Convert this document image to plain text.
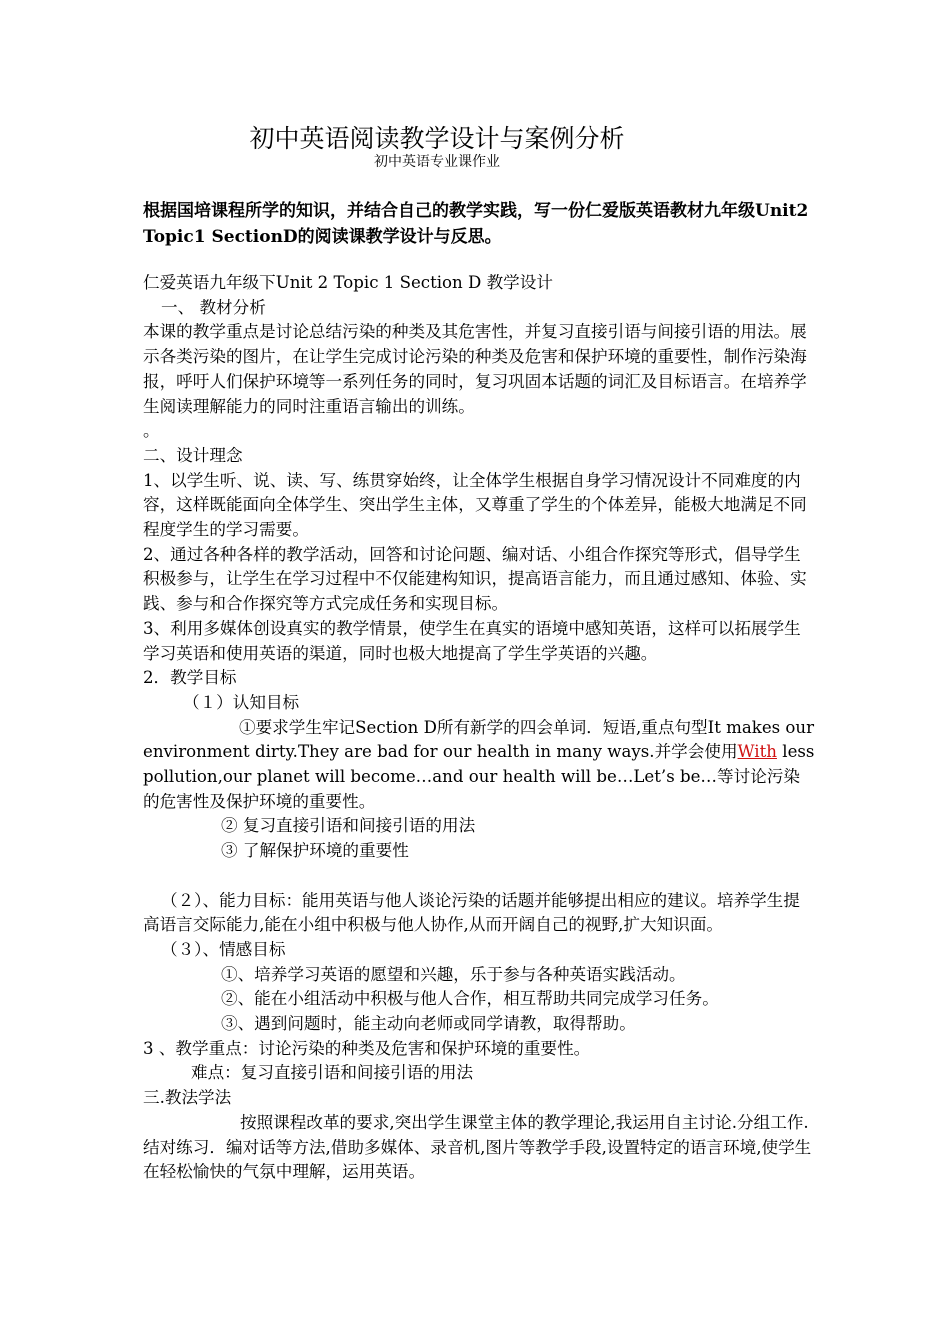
初中英语阅读教学设计与案例分析
初中英语专业课作业
根据国培课程所学的知识，并结合自己的教学实践，写一份仁爱版英语教材九年级Unit2 Topic1 SectionD的阅读课教学设计与反思。

仁爱英语九年级下Unit 2 Topic 1 Section D 教学设计

一、 教材分析

本课的教学重点是讨论总结污染的种类及其危害性，并复习直接引语与间接引语的用法。展示各类污染的图片，在让学生完成讨论污染的种类及危害和保护环境的重要性，制作污染海报，呼吁人们保护环境等一系列任务的同时，复习巩固本话题的词汇及目标语言。在培养学生阅读理解能力的同时注重语言输出的训练。

。

二、设计理念

1、以学生听、说、读、写、练贯穿始终，让全体学生根据自身学习情况设计不同难度的内容，这样既能面向全体学生、突出学生主体，又尊重了学生的个体差异，能极大地满足不同程度学生的学习需要。

2、通过各种各样的教学活动，回答和讨论问题、编对话、小组合作探究等形式，倡导学生积极参与，让学生在学习过程中不仅能建构知识，提高语言能力，而且通过感知、体验、实践、参与和合作探究等方式完成任务和实现目标。

3、利用多媒体创设真实的教学情景，使学生在真实的语境中感知英语，这样可以拓展学生学习英语和使用英语的渠道，同时也极大地提高了学生学英语的兴趣。

2．教学目标

（１）认知目标

①要求学生牢记Section D所有新学的四会单词．短语,重点句型It makes our environment dirty.They are bad for our health in many ways.并学会使用With less pollution,our planet will become…and our health will be…Let’s be…等讨论污染的危害性及保护环境的重要性。

② 复习直接引语和间接引语的用法

③ 了解保护环境的重要性

（２）、能力目标：能用英语与他人谈论污染的话题并能够提出相应的建议。培养学生提高语言交际能力,能在小组中积极与他人协作,从而开阔自己的视野,扩大知识面。

（３）、情感目标

①、培养学习英语的愿望和兴趣，乐于参与各种英语实践活动。

②、能在小组活动中积极与他人合作，相互帮助共同完成学习任务。

③、遇到问题时，能主动向老师或同学请教，取得帮助。

3 、教学重点：讨论污染的种类及危害和保护环境的重要性。

难点：复习直接引语和间接引语的用法

三.教法学法

按照课程改革的要求,突出学生课堂主体的教学理论,我运用自主讨论.分组工作.结对练习．编对话等方法,借助多媒体、录音机,图片等教学手段,设置特定的语言环境,使学生在轻松愉快的气氛中理解，运用英语。
